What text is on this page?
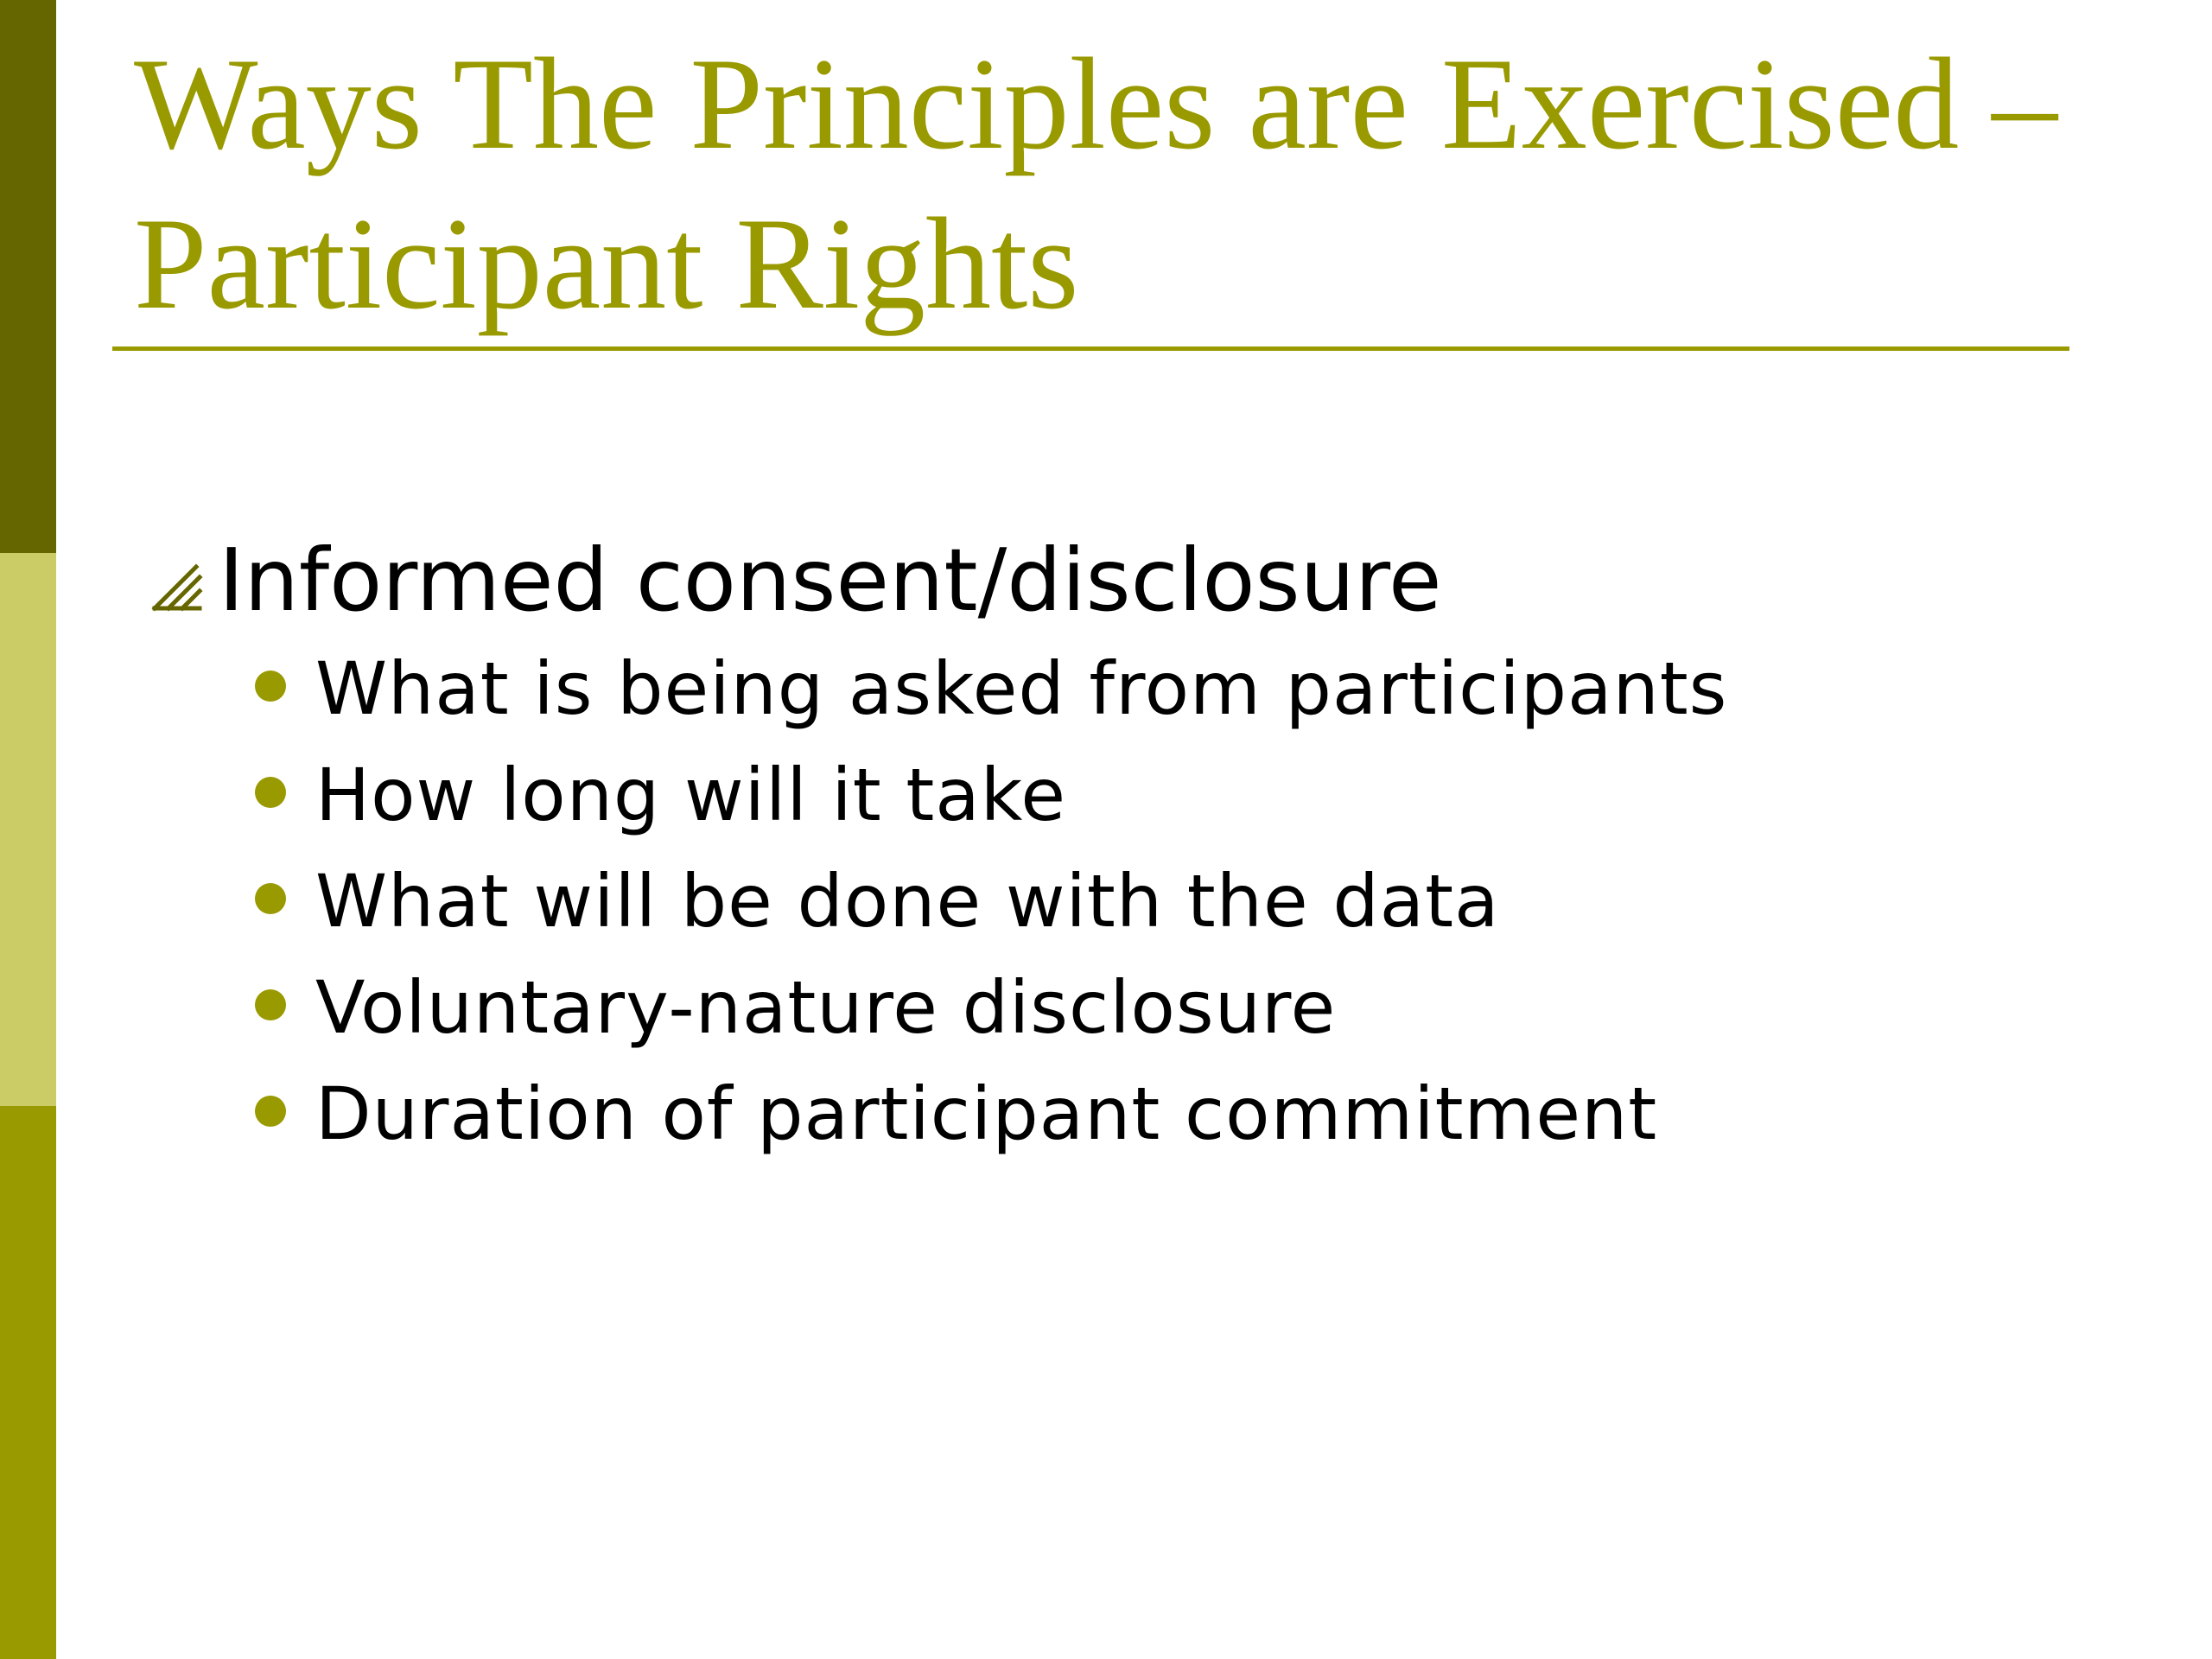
Ways The Principles are Exercised – Participant Rights
Informed consent/disclosure
What is being asked from participants
How long will it take
What will be done with the data
Voluntary-nature disclosure
Duration of participant commitment
